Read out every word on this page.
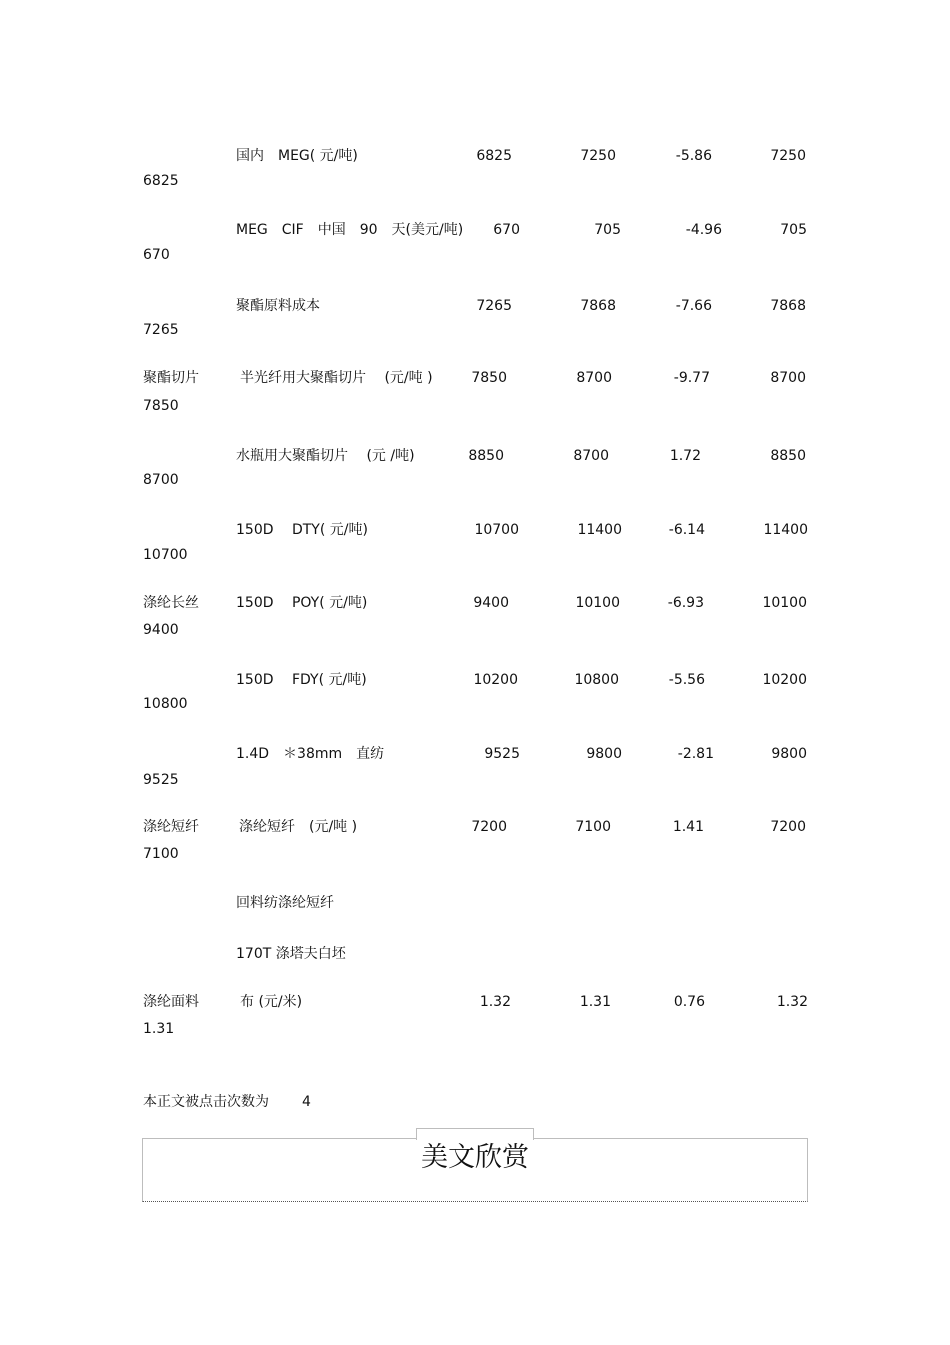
国内　MEG( 元/吨)	6825	7250	-5.86	7250
6825
MEG　CIF　中国　90　天(美元/吨) 670	705	-4.96	705
670
聚酯原料成本	7265	7868	-7.66	7868
7265
聚酯切片	半光纤用大聚酯切片　 (元/吨 )	7850	8700	-9.77	8700
7850
水瓶用大聚酯切片　 (元 /吨)	8850	8700	1.72	8850
8700
150D　 DTY( 元/吨)	10700	11400	-6.14	11400
10700
涤纶长丝	150D　 POY( 元/吨)	9400	10100	-6.93	10100
9400
150D　 FDY( 元/吨)	10200	10800	-5.56	10200
10800
1.4D　＊38mm　直纺	9525	9800	-2.81	9800
9525
涤纶短纤	涤纶短纤　(元/吨 )	7200	7100	1.41	7200
7100
回料纺涤纶短纤
170T 涤塔夫白坯
涤纶面料	布 (元/米)	1.32	1.31	0.76	1.32
1.31
本正文被点击次数为 4
美文欣赏
